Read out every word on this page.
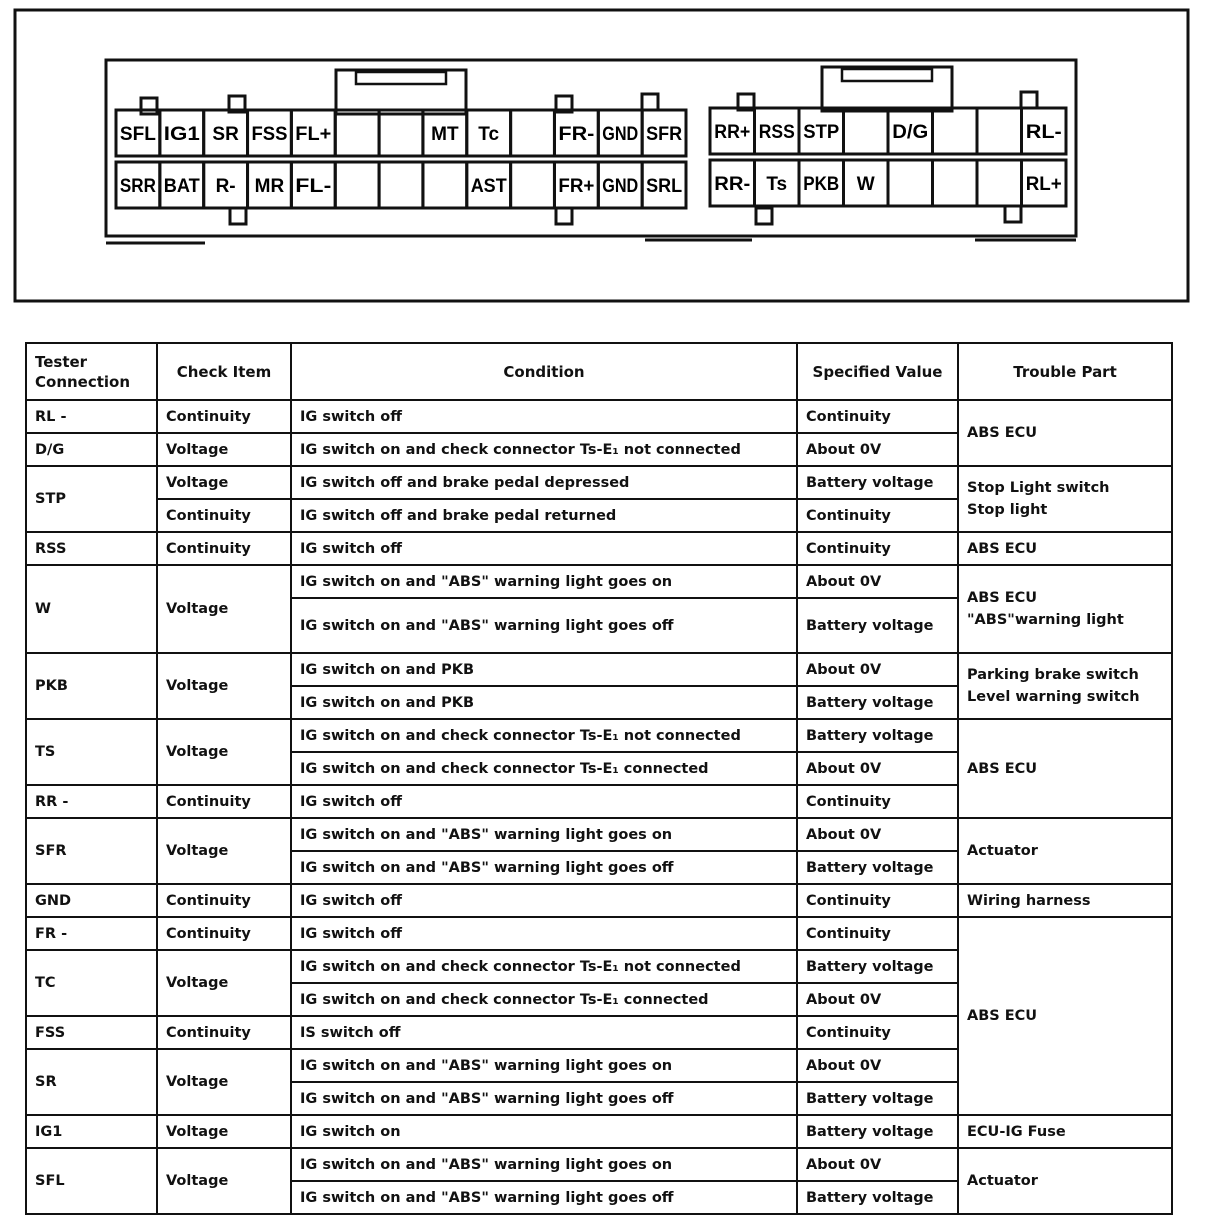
SFL IG1 SR FSS FL+	MT Tc	FR- GND SFR
SRR BAT R- MR FL-	AST	FR+ GND SRL
RR+ RSS STP	D/G	RL-
RR- Ts PKB W	RL+
Tester Connection	Check Item	Condition	Specified Value	Trouble Part
RL -	Continuity	IG switch off	Continuity	ABS ECU
D/G	Voltage	IG switch on and check connector Ts-E₁ not connected	About 0V	
STP	Voltage	IG switch off and brake pedal depressed	Battery voltage	Stop Light switch
Stop light
	Continuity	IG switch off and brake pedal returned	Continuity	
RSS	Continuity	IG switch off	Continuity	ABS ECU
W	Voltage	IG switch on and "ABS" warning light goes on	About 0V	ABS ECU
"ABS"warning light
		IG switch on and "ABS" warning light goes off	Battery voltage	
PKB	Voltage	IG switch on and PKB	About 0V	Parking brake switch
Level warning switch
		IG switch on and PKB	Battery voltage	
TS	Voltage	IG switch on and check connector Ts-E₁ not connected	Battery voltage	ABS ECU
		IG switch on and check connector Ts-E₁ connected	About 0V	
RR -	Continuity	IG switch off	Continuity	
SFR	Voltage	IG switch on and "ABS" warning light goes on	About 0V	Actuator
		IG switch on and "ABS" warning light goes off	Battery voltage	
GND	Continuity	IG switch off	Continuity	Wiring harness
FR -	Continuity	IG switch off	Continuity	ABS ECU
TC	Voltage	IG switch on and check connector Ts-E₁ not connected	Battery voltage	
		IG switch on and check connector Ts-E₁ connected	About 0V	
FSS	Continuity	IS switch off	Continuity	
SR	Voltage	IG switch on and "ABS" warning light goes on	About 0V	
		IG switch on and "ABS" warning light goes off	Battery voltage	
IG1	Voltage	IG switch on	Battery voltage	ECU-IG Fuse
SFL	Voltage	IG switch on and "ABS" warning light goes on	About 0V	Actuator
		IG switch on and "ABS" warning light goes off	Battery voltage	
